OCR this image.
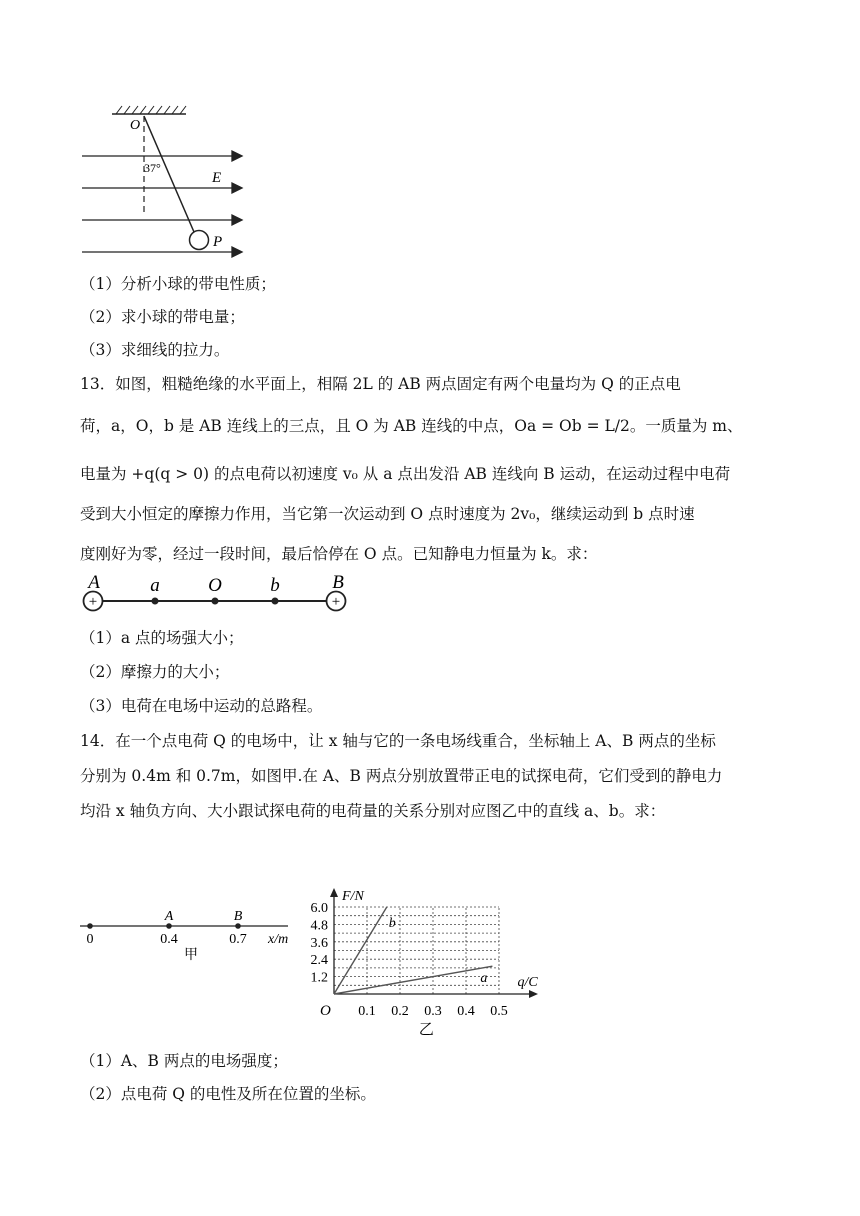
O
37°
E
P
（1）分析小球的带电性质；
（2）求小球的带电量；
（3）求细线的拉力。
13．如图，粗糙绝缘的水平面上，相隔 2L 的 AB 两点固定有两个电量均为 Q 的正点电
荷，a，O，b 是 AB 连线上的三点，且 O 为 AB 连线的中点，Oa = Ob = L/2。一质量为 m、
电量为 +q(q > 0) 的点电荷以初速度 v₀ 从 a 点出发沿 AB 连线向 B 运动，在运动过程中电荷
受到大小恒定的摩擦力作用，当它第一次运动到 O 点时速度为 2v₀，继续运动到 b 点时速
度刚好为零，经过一段时间，最后恰停在 O 点。已知静电力恒量为 k。求：
+	+
A	a	O	b	B
（1）a 点的场强大小；
（2）摩擦力的大小；
（3）电荷在电场中运动的总路程。
14．在一个点电荷 Q 的电场中，让 x 轴与它的一条电场线重合，坐标轴上 A、B 两点的坐标
分别为 0.4m 和 0.7m，如图甲.在 A、B 两点分别放置带正电的试探电荷，它们受到的静电力
均沿 x 轴负方向、大小跟试探电荷的电荷量的关系分别对应图乙中的直线 a、b。求：
0	0.4	0.7
A	B
甲
x/m
a
b
0.1 0.2 0.3 0.4 0.5
1.2
2.4
3.6
4.8
6.0
O
q/C
F/N
乙
（1）A、B 两点的电场强度；
（2）点电荷 Q 的电性及所在位置的坐标。
